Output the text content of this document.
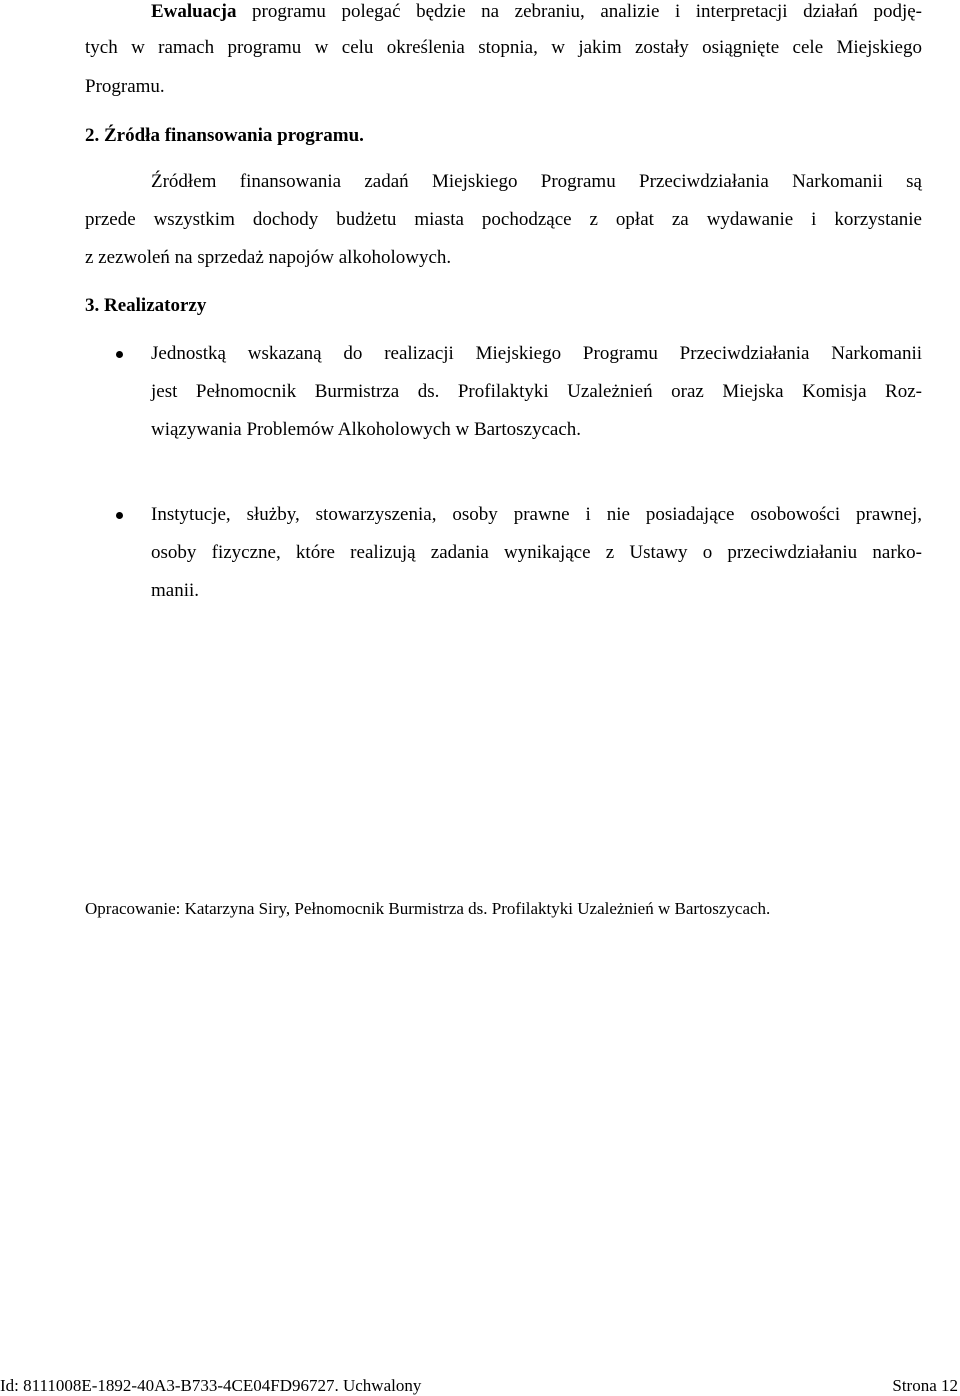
Ewaluacja programu polegać będzie na zebraniu, analizie i interpretacji działań podję-
tych w ramach programu w celu określenia stopnia, w jakim zostały osiągnięte cele Miejskiego
Programu.
2. Źródła finansowania programu.
Źródłem finansowania zadań Miejskiego Programu Przeciwdziałania Narkomanii są
przede wszystkim dochody budżetu miasta pochodzące z opłat za wydawanie i korzystanie
z zezwoleń na sprzedaż napojów alkoholowych.
3. Realizatorzy
Jednostką wskazaną do realizacji Miejskiego Programu Przeciwdziałania Narkomanii
jest Pełnomocnik Burmistrza ds. Profilaktyki Uzależnień oraz Miejska Komisja Roz-
wiązywania Problemów Alkoholowych w Bartoszycach.
Instytucje, służby, stowarzyszenia, osoby prawne i nie posiadające osobowości prawnej,
osoby fizyczne, które realizują zadania wynikające z Ustawy o przeciwdziałaniu narko-
manii.
Opracowanie: Katarzyna Siry, Pełnomocnik Burmistrza ds. Profilaktyki Uzależnień w Bartoszycach.
Id: 8111008E-1892-40A3-B733-4CE04FD96727. Uchwalony	Strona 12
